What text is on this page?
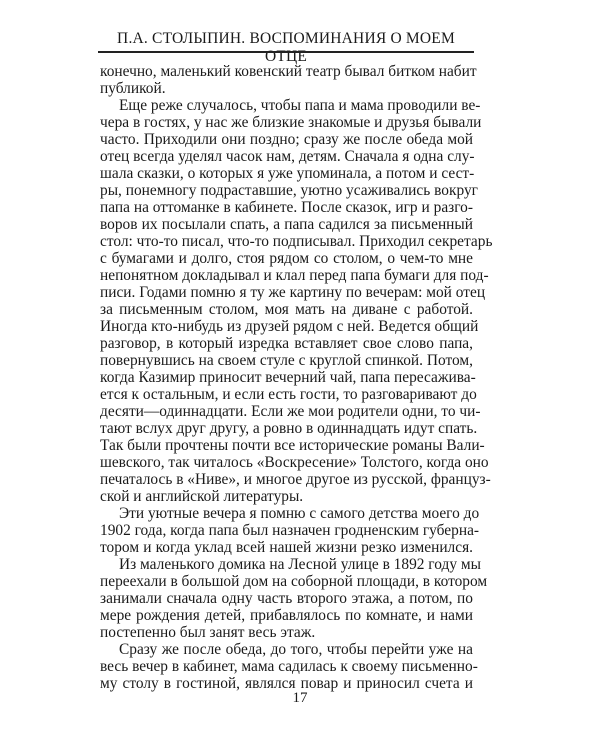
П.А. СТОЛЫПИН. ВОСПОМИНАНИЯ О МОЕМ ОТЦЕ
конечно, маленький ковенский театр бывал битком набит
публикой.
Еще реже случалось, чтобы папа и мама проводили ве-
чера в гостях, у нас же близкие знакомые и друзья бывали
часто. Приходили они поздно; сразу же после обеда мой
отец всегда уделял часок нам, детям. Сначала я одна слу-
шала сказки, о которых я уже упоминала, а потом и сест-
ры, понемногу подраставшие, уютно усаживались вокруг
папа на оттоманке в кабинете. После сказок, игр и разго-
воров их посылали спать, а папа садился за письменный
стол: что-то писал, что-то подписывал. Приходил секретарь
с бумагами и долго, стоя рядом со столом, о чем-то мне
непонятном докладывал и клал перед папа бумаги для под-
писи. Годами помню я ту же картину по вечерам: мой отец
за письменным столом, моя мать на диване с работой.
Иногда кто-нибудь из друзей рядом с ней. Ведется общий
разговор, в который изредка вставляет свое слово папа,
повернувшись на своем стуле с круглой спинкой. Потом,
когда Казимир приносит вечерний чай, папа пересажива-
ется к остальным, и если есть гости, то разговаривают до
десяти—одиннадцати. Если же мои родители одни, то чи-
тают вслух друг другу, а ровно в одиннадцать идут спать.
Так были прочтены почти все исторические романы Вали-
шевского, так читалось «Воскресение» Толстого, когда оно
печаталось в «Ниве», и многое другое из русской, француз-
ской и английской литературы.
Эти уютные вечера я помню с самого детства моего до
1902 года, когда папа был назначен гродненским губерна-
тором и когда уклад всей нашей жизни резко изменился.
Из маленького домика на Лесной улице в 1892 году мы
переехали в большой дом на соборной площади, в котором
занимали сначала одну часть второго этажа, а потом, по
мере рождения детей, прибавлялось по комнате, и нами
постепенно был занят весь этаж.
Сразу же после обеда, до того, чтобы перейти уже на
весь вечер в кабинет, мама садилась к своему письменно-
му столу в гостиной, являлся повар и приносил счета и
17
